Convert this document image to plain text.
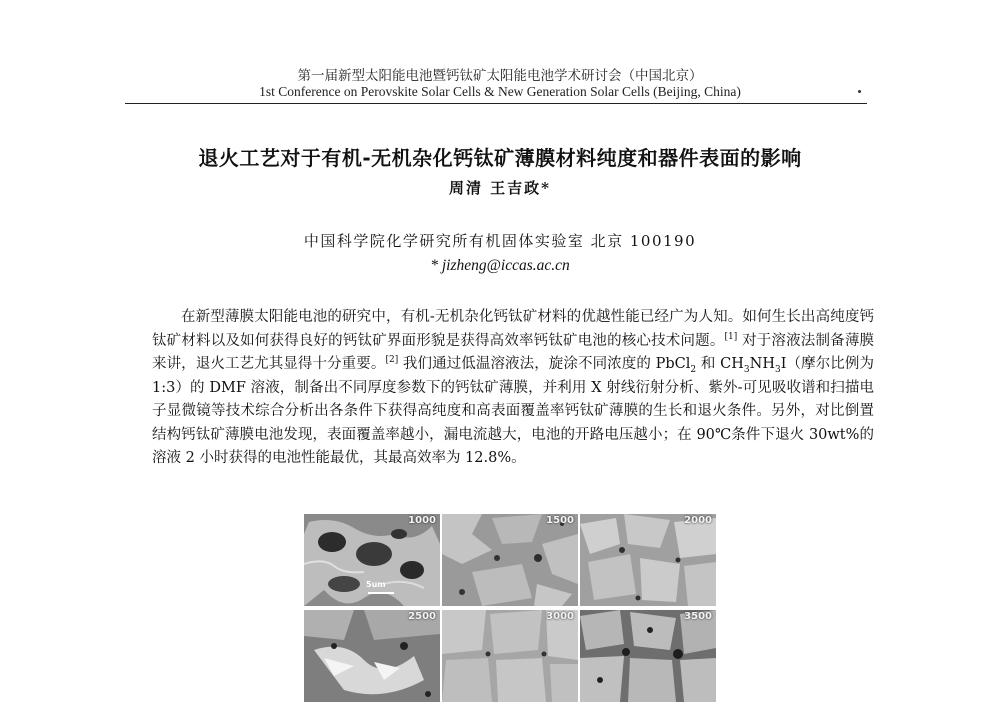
第一届新型太阳能电池暨钙钛矿太阳能电池学术研讨会（中国北京）
1st Conference on Perovskite Solar Cells & New Generation Solar Cells (Beijing, China)
退火工艺对于有机-无机杂化钙钛矿薄膜材料纯度和器件表面的影响
周清 王吉政*
中国科学院化学研究所有机固体实验室 北京 100190
* jizheng@iccas.ac.cn
在新型薄膜太阳能电池的研究中，有机-无机杂化钙钛矿材料的优越性能已经广为人知。如何生长出高纯度钙钛矿材料以及如何获得良好的钙钛矿界面形貌是获得高效率钙钛矿电池的核心技术问题。[1] 对于溶液法制备薄膜来讲，退火工艺尤其显得十分重要。[2] 我们通过低温溶液法，旋涂不同浓度的 PbCl$_2$ 和 $CH_3NH_3I$（摩尔比例为 1:3）的 DMF 溶液，制备出不同厚度参数下的钙钛矿薄膜，并利用 X 射线衍射分析、紫外-可见吸收谱和扫描电子显微镜等技术综合分析出各条件下获得高纯度和高表面覆盖率钙钛矿薄膜的生长和退火条件。另外，对比倒置结构钙钛矿薄膜电池发现，表面覆盖率越小，漏电流越大，电池的开路电压越小；在 90℃条件下退火 30wt%的溶液 2 小时获得的电池性能最优，其最高效率为 12.8%。
1000
5um
1500	2000
2500	3000	3500
